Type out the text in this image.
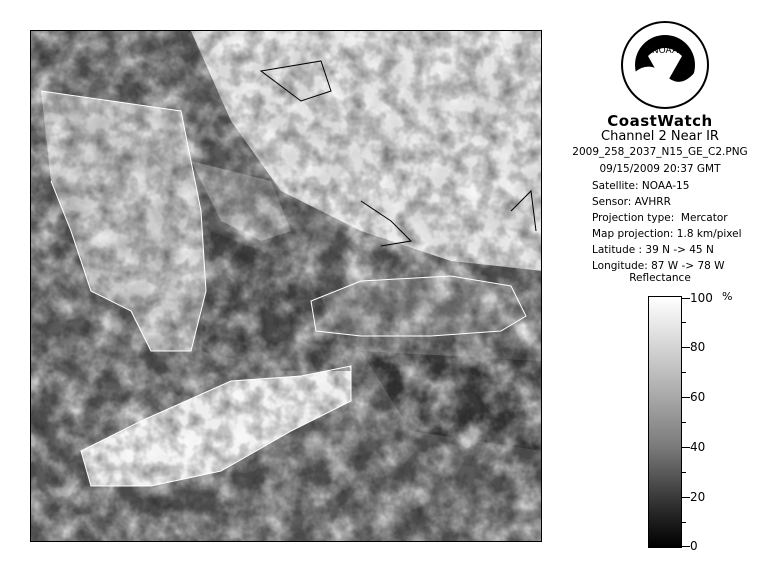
NOAA
CoastWatch
Channel 2 Near IR
2009_258_2037_N15_GE_C2.PNG
09/15/2009 20:37 GMT
Satellite: NOAA-15
Sensor: AVHRR
Projection type:  Mercator
Map projection: 1.8 km/pixel
Latitude : 39 N -> 45 N
Longitude: 87 W -> 78 W
Reflectance
%
100
80
60
40
20
0
